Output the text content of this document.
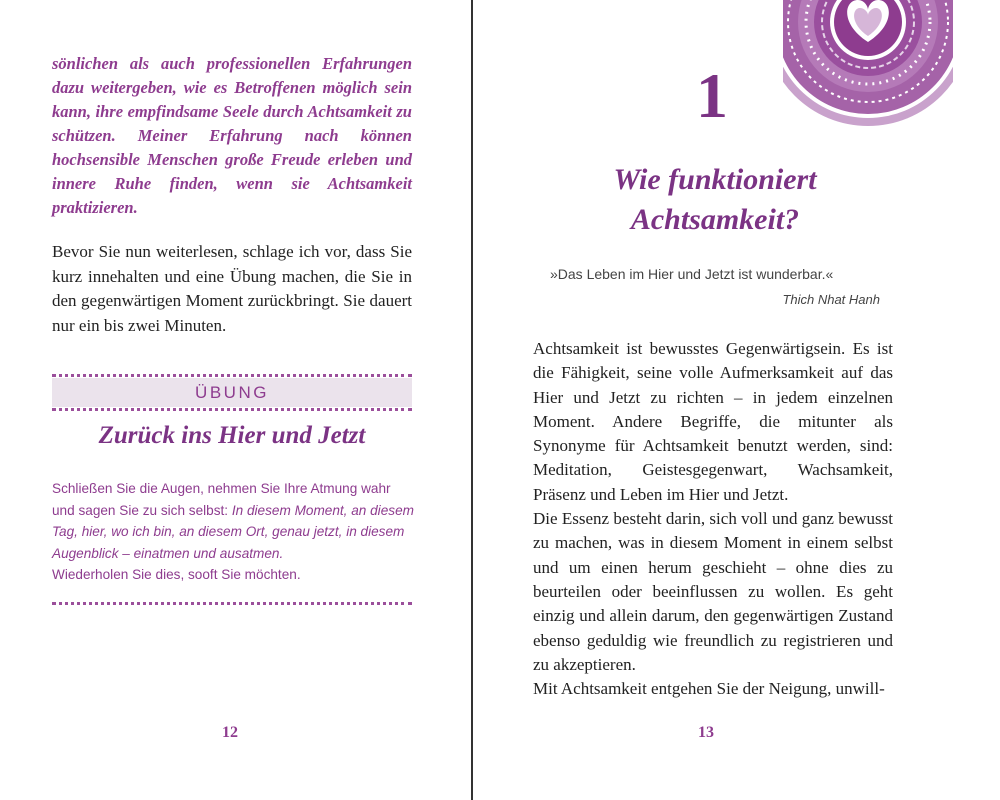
sönlichen als auch professionellen Erfahrungen dazu weitergeben, wie es Betroffenen möglich sein kann, ihre empfindsame Seele durch Achtsamkeit zu schützen. Meiner Erfahrung nach können hochsensible Menschen große Freude erleben und innere Ruhe finden, wenn sie Achtsamkeit praktizieren.
Bevor Sie nun weiterlesen, schlage ich vor, dass Sie kurz innehalten und eine Übung machen, die Sie in den gegenwärtigen Moment zurückbringt. Sie dauert nur ein bis zwei Minuten.
ÜBUNG
Zurück ins Hier und Jetzt
Schließen Sie die Augen, nehmen Sie Ihre Atmung wahr und sagen Sie zu sich selbst: In diesem Moment, an diesem Tag, hier, wo ich bin, an diesem Ort, genau jetzt, in diesem Augenblick – einatmen und ausatmen.
Wiederholen Sie dies, sooft Sie möchten.
12
1
Wie funktioniert
Achtsamkeit?
»Das Leben im Hier und Jetzt ist wunderbar.«
Thich Nhat Hanh
Achtsamkeit ist bewusstes Gegenwärtigsein. Es ist die Fähigkeit, seine volle Aufmerksamkeit auf das Hier und Jetzt zu richten – in jedem einzelnen Moment. Andere Begriffe, die mitunter als Synonyme für Achtsamkeit benutzt werden, sind: Meditation, Geistesgegenwart, Wachsamkeit, Präsenz und Leben im Hier und Jetzt.
Die Essenz besteht darin, sich voll und ganz bewusst zu machen, was in diesem Moment in einem selbst und um einen herum geschieht – ohne dies zu beurteilen oder beeinflussen zu wollen. Es geht einzig und allein darum, den gegenwärtigen Zustand ebenso geduldig wie freundlich zu registrieren und zu akzeptieren.
Mit Achtsamkeit entgehen Sie der Neigung, unwill-
13
